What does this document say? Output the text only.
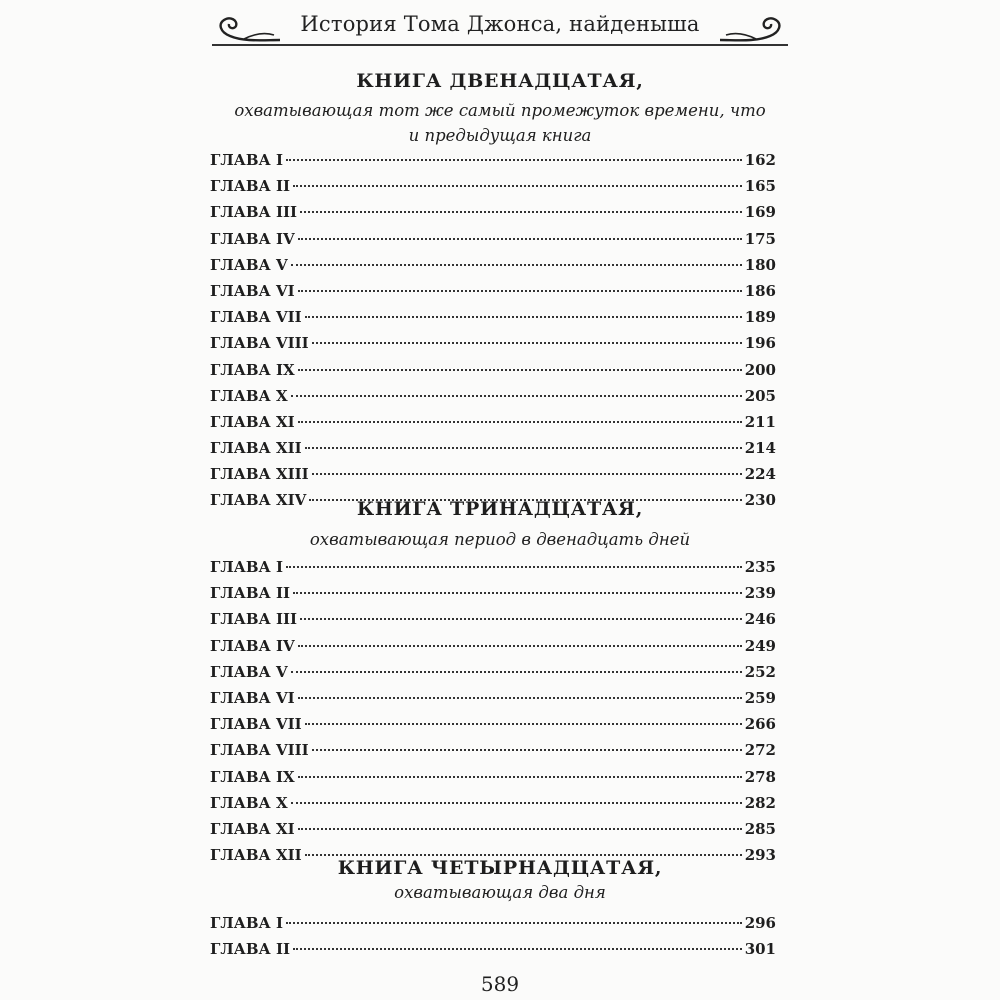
История Тома Джонса, найденыша
КНИГА ДВЕНАДЦАТАЯ,
охватывающая тот же самый промежуток времени, что
и предыдущая книга
ГЛАВА I	162
ГЛАВА II	165
ГЛАВА III	169
ГЛАВА IV	175
ГЛАВА V	180
ГЛАВА VI	186
ГЛАВА VII	189
ГЛАВА VIII	196
ГЛАВА IX	200
ГЛАВА X	205
ГЛАВА XI	211
ГЛАВА XII	214
ГЛАВА XIII	224
ГЛАВА XIV	230
КНИГА ТРИНАДЦАТАЯ,
охватывающая период в двенадцать дней
ГЛАВА I	235
ГЛАВА II	239
ГЛАВА III	246
ГЛАВА IV	249
ГЛАВА V	252
ГЛАВА VI	259
ГЛАВА VII	266
ГЛАВА VIII	272
ГЛАВА IX	278
ГЛАВА X	282
ГЛАВА XI	285
ГЛАВА XII	293
КНИГА ЧЕТЫРНАДЦАТАЯ,
охватывающая два дня
ГЛАВА I	296
ГЛАВА II	301
589
